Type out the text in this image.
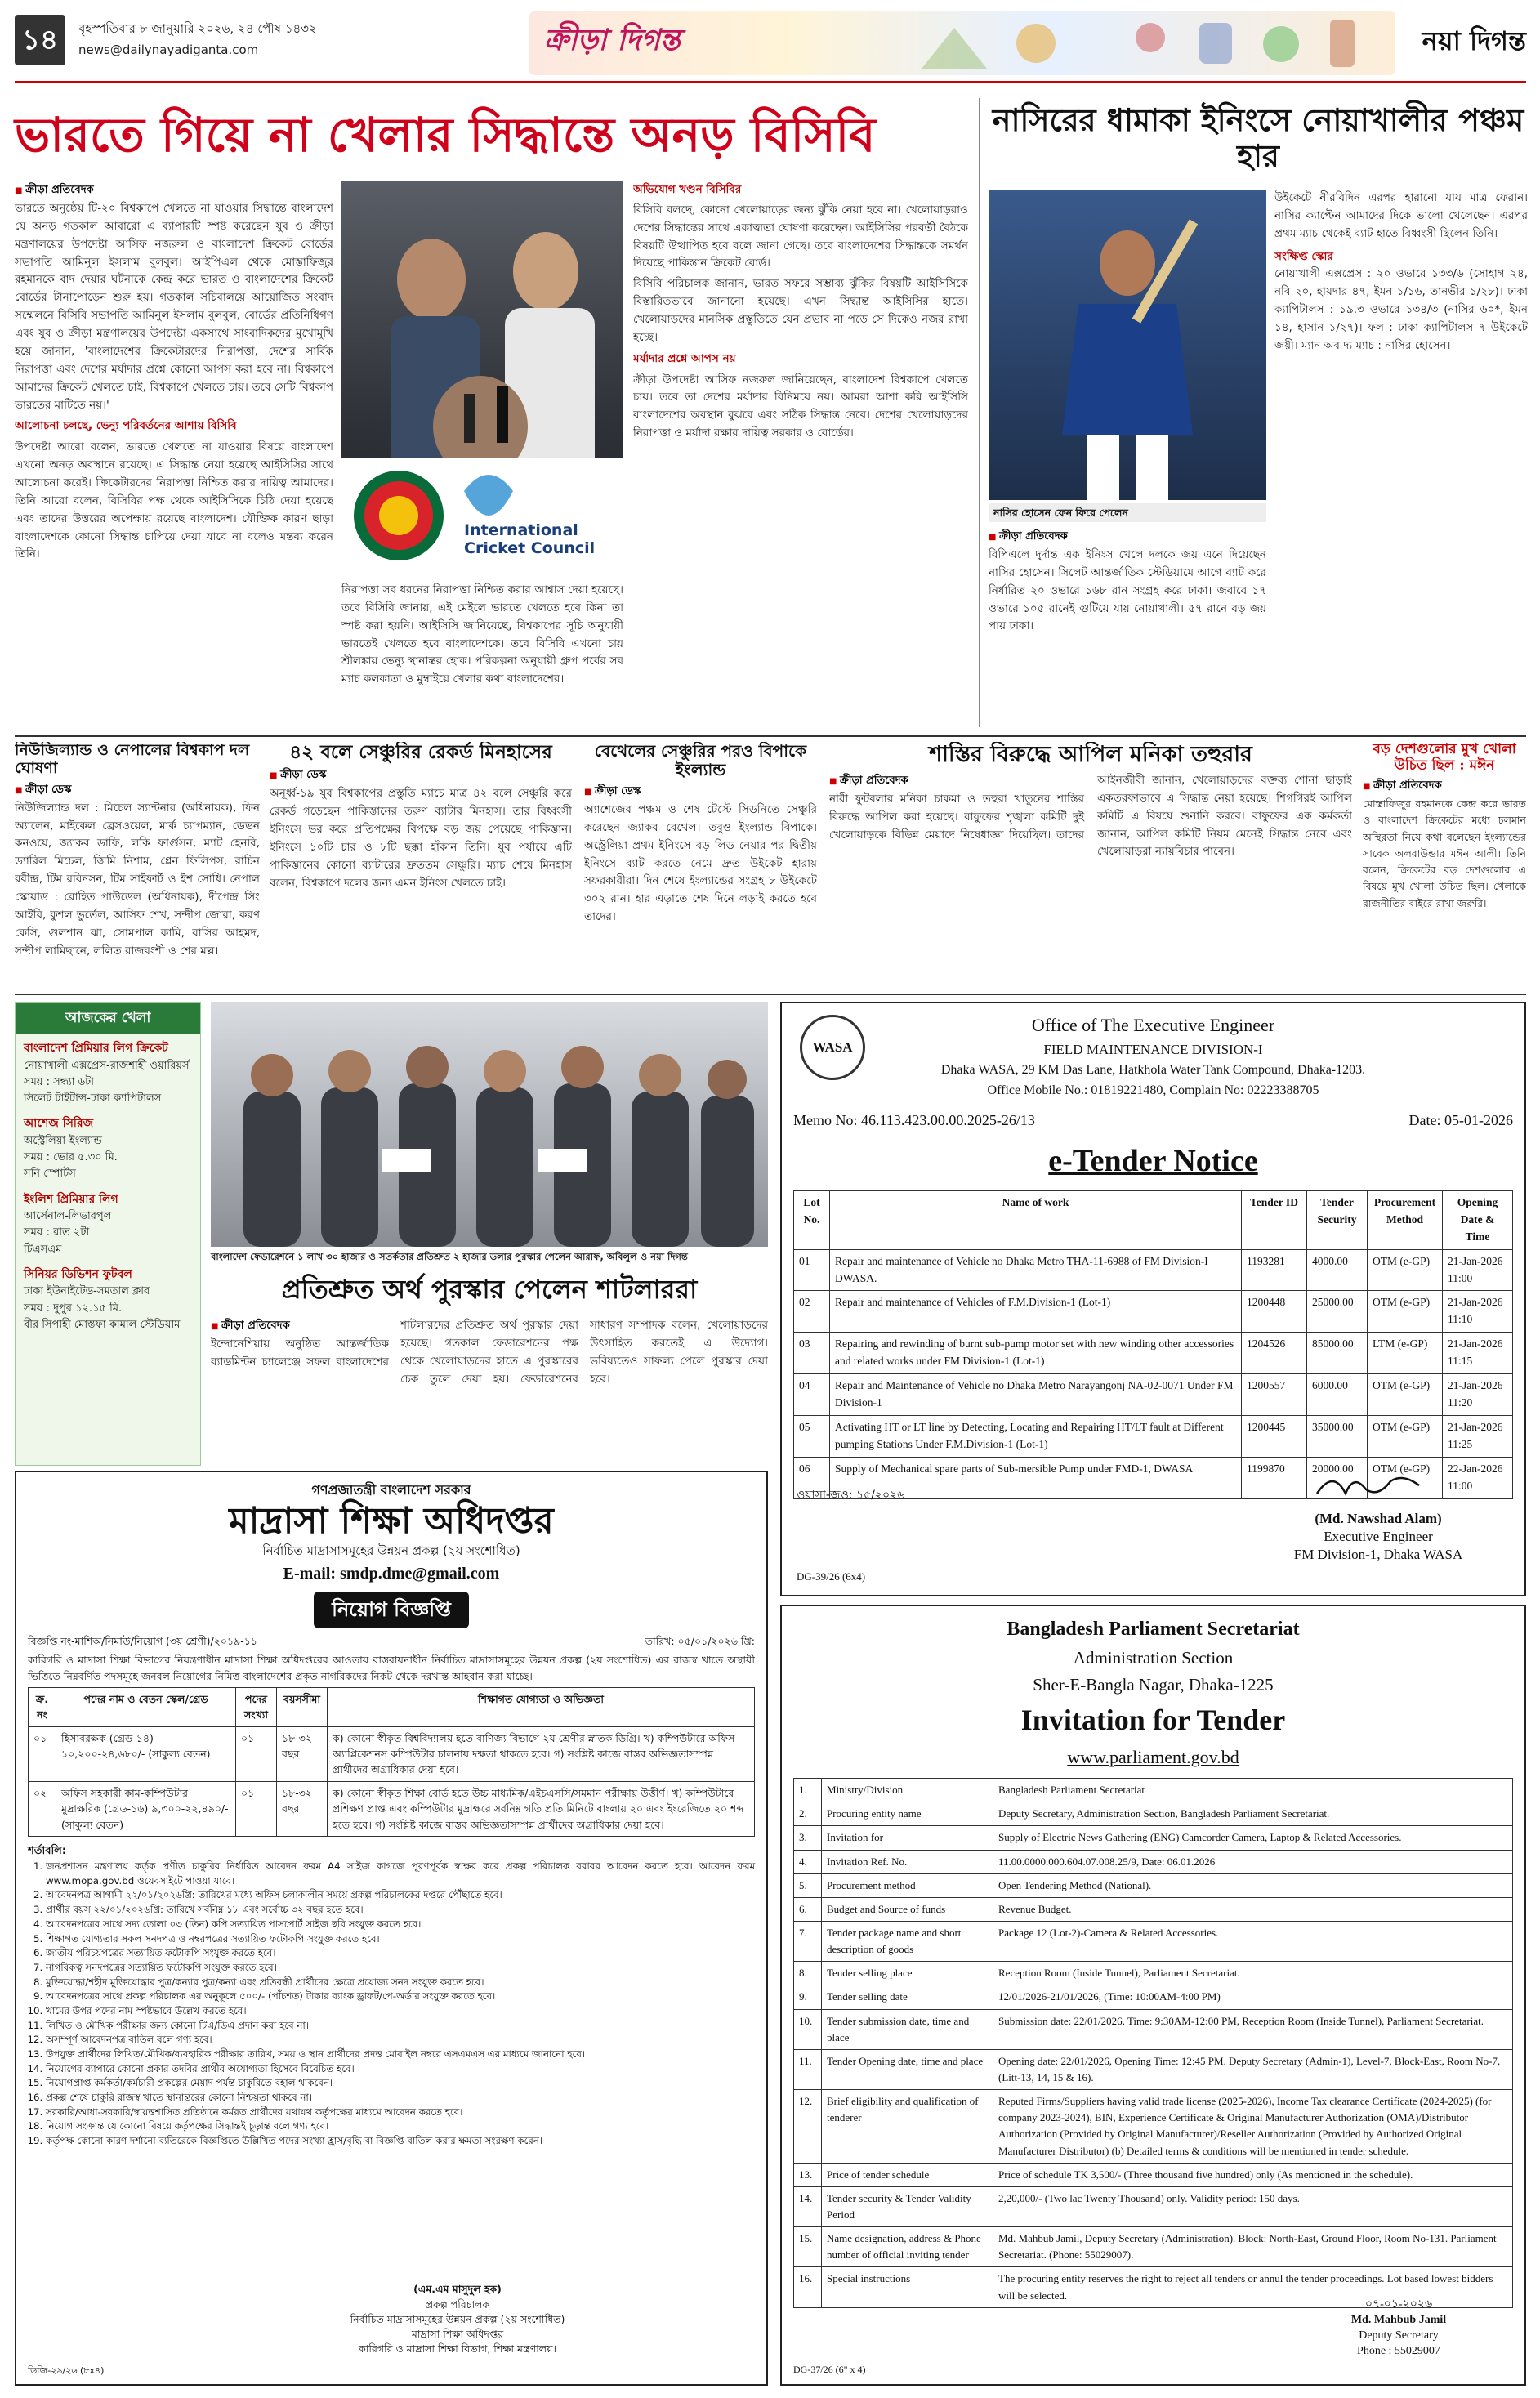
১৪	বৃহস্পতিবার ৮ জানুয়ারি ২০২৬, ২৪ পৌষ ১৪৩২
news@dailynayadiganta.com	ক্রীড়া দিগন্ত	নয়া দিগন্ত
ভারতে গিয়ে না খেলার সিদ্ধান্তে অনড় বিসিবি
■ ক্রীড়া প্রতিবেদক

ভারতে অনুষ্ঠেয় টি-২০ বিশ্বকাপে খেলতে না যাওয়ার সিদ্ধান্তে বাংলাদেশ যে অনড় গতকাল আবারো এ ব্যাপারটি স্পষ্ট করেছেন যুব ও ক্রীড়া মন্ত্রণালয়ের উপদেষ্টা আসিফ নজরুল ও বাংলাদেশ ক্রিকেট বোর্ডের সভাপতি আমিনুল ইসলাম বুলবুল। আইপিএল থেকে মোস্তাফিজুর রহমানকে বাদ দেয়ার ঘটনাকে কেন্দ্র করে ভারত ও বাংলাদেশের ক্রিকেট বোর্ডের টানাপোড়েন শুরু হয়। গতকাল সচিবালয়ে আয়োজিত সংবাদ সম্মেলনে বিসিবি সভাপতি আমিনুল ইসলাম বুলবুল, বোর্ডের প্রতিনিধিগণ এবং যুব ও ক্রীড়া মন্ত্রণালয়ের উপদেষ্টা একসাথে সাংবাদিকদের মুখোমুখি হয়ে জানান, 'বাংলাদেশের ক্রিকেটারদের নিরাপত্তা, দেশের সার্বিক নিরাপত্তা এবং দেশের মর্যাদার প্রশ্নে কোনো আপস করা হবে না। বিশ্বকাপে আমাদের ক্রিকেট খেলতে চাই, বিশ্বকাপে খেলতে চায়। তবে সেটি বিশ্বকাপ ভারতের মাটিতে নয়।'

আলোচনা চলছে, ভেন্যু পরিবর্তনের আশায় বিসিবি

উপদেষ্টা আরো বলেন, ভারতে খেলতে না যাওয়ার বিষয়ে বাংলাদেশ এখনো অনড় অবস্থানে রয়েছে। এ সিদ্ধান্ত নেয়া হয়েছে আইসিসির সাথে আলোচনা করেই। ক্রিকেটারদের নিরাপত্তা নিশ্চিত করার দায়িত্ব আমাদের। তিনি আরো বলেন, বিসিবির পক্ষ থেকে আইসিসিকে চিঠি দেয়া হয়েছে এবং তাদের উত্তরের অপেক্ষায় রয়েছে বাংলাদেশ। যৌক্তিক কারণ ছাড়া বাংলাদেশকে কোনো সিদ্ধান্ত চাপিয়ে দেয়া যাবে না বলেও মন্তব্য করেন তিনি।

International Cricket Council

নিরাপত্তা সব ধরনের নিরাপত্তা নিশ্চিত করার আশ্বাস দেয়া হয়েছে। তবে বিসিবি জানায়, এই মেইলে ভারতে খেলতে হবে কিনা তা স্পষ্ট করা হয়নি। আইসিসি জানিয়েছে, বিশ্বকাপের সূচি অনুযায়ী ভারতেই খেলতে হবে বাংলাদেশকে। তবে বিসিবি এখনো চায় শ্রীলঙ্কায় ভেন্যু স্থানান্তর হোক। পরিকল্পনা অনুযায়ী গ্রুপ পর্বের সব ম্যাচ কলকাতা ও মুম্বাইয়ে খেলার কথা বাংলাদেশের।

অভিযোগ খণ্ডন বিসিবির

বিসিবি বলছে, কোনো খেলোয়াড়ের জন্য ঝুঁকি নেয়া হবে না। খেলোয়াড়রাও দেশের সিদ্ধান্তের সাথে একাত্মতা ঘোষণা করেছেন। আইসিসির পরবর্তী বৈঠকে বিষয়টি উত্থাপিত হবে বলে জানা গেছে। তবে বাংলাদেশের সিদ্ধান্তকে সমর্থন দিয়েছে পাকিস্তান ক্রিকেট বোর্ড।

বিসিবি পরিচালক জানান, ভারত সফরে সম্ভাব্য ঝুঁকির বিষয়টি আইসিসিকে বিস্তারিতভাবে জানানো হয়েছে। এখন সিদ্ধান্ত আইসিসির হাতে। খেলোয়াড়দের মানসিক প্রস্তুতিতে যেন প্রভাব না পড়ে সে দিকেও নজর রাখা হচ্ছে।

মর্যাদার প্রশ্নে আপস নয়

ক্রীড়া উপদেষ্টা আসিফ নজরুল জানিয়েছেন, বাংলাদেশ বিশ্বকাপে খেলতে চায়। তবে তা দেশের মর্যাদার বিনিময়ে নয়। আমরা আশা করি আইসিসি বাংলাদেশের অবস্থান বুঝবে এবং সঠিক সিদ্ধান্ত নেবে। দেশের খেলোয়াড়দের নিরাপত্তা ও মর্যাদা রক্ষার দায়িত্ব সরকার ও বোর্ডের।

নাসিরের ধামাকা ইনিংসে নোয়াখালীর পঞ্চম হার
নাসির হোসেন ফেন ফিরে পেলেন
■ ক্রীড়া প্রতিবেদক

বিপিএলে দুর্দান্ত এক ইনিংস খেলে দলকে জয় এনে দিয়েছেন নাসির হোসেন। সিলেট আন্তর্জাতিক স্টেডিয়ামে আগে ব্যাট করে নির্ধারিত ২০ ওভারে ১৬৮ রান সংগ্রহ করে ঢাকা। জবাবে ১৭ ওভারে ১০৫ রানেই গুটিয়ে যায় নোয়াখালী। ৫৭ রানে বড় জয় পায় ঢাকা।

উইকেটে নীরবিদিন এরপর হারানো যায় মাত্র ফেরান। নাসির ক্যাপ্টেন আমাদের দিকে ভালো খেলেছেন। এরপর প্রথম ম্যাচ থেকেই ব্যাট হাতে বিধ্বংসী ছিলেন তিনি।

সংক্ষিপ্ত স্কোর

নোয়াখালী এক্সপ্রেস : ২০ ওভারে ১৩৩/৬ (সোহাগ ২৪, নবি ২০, হায়দার ৪৭, ইমন ১/১৬, তানভীর ১/২৮)। ঢাকা ক্যাপিটালস : ১৯.৩ ওভারে ১৩৪/৩ (নাসির ৬০*, ইমন ১৪, হাসান ১/২৭)। ফল : ঢাকা ক্যাপিটালস ৭ উইকেটে জয়ী। ম্যান অব দ্য ম্যাচ : নাসির হোসেন।

নিউজিল্যান্ড ও নেপালের বিশ্বকাপ দল ঘোষণা
■ ক্রীড়া ডেস্ক

নিউজিল্যান্ড দল : মিচেল স্যান্টনার (অধিনায়ক), ফিন অ্যালেন, মাইকেল ব্রেসওয়েল, মার্ক চ্যাপম্যান, ডেভন কনওয়ে, জ্যাকব ডাফি, লকি ফার্গুসন, ম্যাট হেনরি, ড্যারিল মিচেল, জিমি নিশাম, গ্লেন ফিলিপস, রাচিন রবীন্দ্র, টিম রবিনসন, টিম সাইফার্ট ও ইশ সোধি। নেপাল স্কোয়াড : রোহিত পাউডেল (অধিনায়ক), দীপেন্দ্র সিং আইরি, কুশল ভুর্তেল, আসিফ শেখ, সন্দীপ জোরা, করণ কেসি, গুলশান ঝা, সোমপাল কামি, বাসির আহমদ, সন্দীপ লামিছানে, ললিত রাজবংশী ও শের মল্ল।

৪২ বলে সেঞ্চুরির রেকর্ড মিনহাসের
■ ক্রীড়া ডেস্ক

অনূর্ধ্ব-১৯ যুব বিশ্বকাপের প্রস্তুতি ম্যাচে মাত্র ৪২ বলে সেঞ্চুরি করে রেকর্ড গড়েছেন পাকিস্তানের তরুণ ব্যাটার মিনহাস। তার বিধ্বংসী ইনিংসে ভর করে প্রতিপক্ষের বিপক্ষে বড় জয় পেয়েছে পাকিস্তান। ইনিংসে ১০টি চার ও ৮টি ছক্কা হাঁকান তিনি। যুব পর্যায়ে এটি পাকিস্তানের কোনো ব্যাটারের দ্রুততম সেঞ্চুরি। ম্যাচ শেষে মিনহাস বলেন, বিশ্বকাপে দলের জন্য এমন ইনিংস খেলতে চাই।

বেথেলের সেঞ্চুরির পরও বিপাকে ইংল্যান্ড
■ ক্রীড়া ডেস্ক

অ্যাশেজের পঞ্চম ও শেষ টেস্টে সিডনিতে সেঞ্চুরি করেছেন জ্যাকব বেথেল। তবুও ইংল্যান্ড বিপাকে। অস্ট্রেলিয়া প্রথম ইনিংসে বড় লিড নেয়ার পর দ্বিতীয় ইনিংসে ব্যাট করতে নেমে দ্রুত উইকেট হারায় সফরকারীরা। দিন শেষে ইংল্যান্ডের সংগ্রহ ৮ উইকেটে ৩০২ রান। হার এড়াতে শেষ দিনে লড়াই করতে হবে তাদের।

শাস্তির বিরুদ্ধে আপিল মনিকা তহুরার
■ ক্রীড়া প্রতিবেদক

নারী ফুটবলার মনিকা চাকমা ও তহুরা খাতুনের শাস্তির বিরুদ্ধে আপিল করা হয়েছে। বাফুফের শৃঙ্খলা কমিটি দুই খেলোয়াড়কে বিভিন্ন মেয়াদে নিষেধাজ্ঞা দিয়েছিল। তাদের আইনজীবী জানান, খেলোয়াড়দের বক্তব্য শোনা ছাড়াই একতরফাভাবে এ সিদ্ধান্ত নেয়া হয়েছে। শিগগিরই আপিল কমিটি এ বিষয়ে শুনানি করবে। বাফুফের এক কর্মকর্তা জানান, আপিল কমিটি নিয়ম মেনেই সিদ্ধান্ত নেবে এবং খেলোয়াড়রা ন্যায়বিচার পাবেন।

বড় দেশগুলোর মুখ খোলা উচিত ছিল : মঈন
■ ক্রীড়া প্রতিবেদক

মোস্তাফিজুর রহমানকে কেন্দ্র করে ভারত ও বাংলাদেশ ক্রিকেটের মধ্যে চলমান অস্থিরতা নিয়ে কথা বলেছেন ইংল্যান্ডের সাবেক অলরাউন্ডার মঈন আলী। তিনি বলেন, ক্রিকেটের বড় দেশগুলোর এ বিষয়ে মুখ খোলা উচিত ছিল। খেলাকে রাজনীতির বাইরে রাখা জরুরি।

আজকের খেলা
বাংলাদেশ প্রিমিয়ার লিগ ক্রিকেট
নোয়াখালী এক্সপ্রেস-রাজশাহী ওয়ারিয়র্স
সময় : সন্ধ্যা ৬টা
সিলেট টাইটান্স-ঢাকা ক্যাপিটালস
আশেজ সিরিজ
অস্ট্রেলিয়া-ইংল্যান্ড
সময় : ভোর ৫.৩০ মি.
সনি স্পোর্টস
ইংলিশ প্রিমিয়ার লিগ
আর্সেনাল-লিভারপুল
সময় : রাত ২টা
টিএসএম
সিনিয়র ডিভিশন ফুটবল
ঢাকা ইউনাইটেড-সমতাল ক্লাব
সময় : দুপুর ১২.১৫ মি.
বীর সিপাহী মোস্তফা কামাল স্টেডিয়াম
বাংলাদেশ ফেডারেশনে ১ লাখ ৩০ হাজার ও সতর্কতার প্রতিশ্রুত ২ হাজার ডলার পুরস্কার পেলেন আরাফ, অবিলুল ও নয়া দিগন্ত
প্রতিশ্রুত অর্থ পুরস্কার পেলেন শাটলাররা
■ ক্রীড়া প্রতিবেদক

ইন্দোনেশিয়ায় অনুষ্ঠিত আন্তর্জাতিক ব্যাডমিন্টন চ্যালেঞ্জে সফল বাংলাদেশের শাটলারদের প্রতিশ্রুত অর্থ পুরস্কার দেয়া হয়েছে। গতকাল ফেডারেশনের পক্ষ থেকে খেলোয়াড়দের হাতে এ পুরস্কারের চেক তুলে দেয়া হয়। ফেডারেশনের সাধারণ সম্পাদক বলেন, খেলোয়াড়দের উৎসাহিত করতেই এ উদ্যোগ। ভবিষ্যতেও সাফল্য পেলে পুরস্কার দেয়া হবে।

WASA
Office of The Executive Engineer
FIELD MAINTENANCE DIVISION-I
Dhaka WASA, 29 KM Das Lane, Hatkhola Water Tank Compound, Dhaka-1203.
Office Mobile No.: 01819221480, Complain No: 02223388705
Memo No: 46.113.423.00.00.2025-26/13	Date: 05-01-2026
e-Tender Notice
Lot No.	Name of work	Tender ID	Tender Security	Procurement Method	Opening Date & Time
01	Repair and maintenance of Vehicle no Dhaka Metro THA-11-6988 of FM Division-I DWASA.	1193281	4000.00	OTM (e-GP)	21-Jan-2026 11:00
02	Repair and maintenance of Vehicles of F.M.Division-1 (Lot-1)	1200448	25000.00	OTM (e-GP)	21-Jan-2026 11:10
03	Repairing and rewinding of burnt sub-pump motor set with new winding other accessories and related works under FM Division-1 (Lot-1)	1204526	85000.00	LTM (e-GP)	21-Jan-2026 11:15
04	Repair and Maintenance of Vehicle no Dhaka Metro Narayangonj NA-02-0071 Under FM Division-1	1200557	6000.00	OTM (e-GP)	21-Jan-2026 11:20
05	Activating HT or LT line by Detecting, Locating and Repairing HT/LT fault at Different pumping Stations Under F.M.Division-1 (Lot-1)	1200445	35000.00	OTM (e-GP)	21-Jan-2026 11:25
06	Supply of Mechanical spare parts of Sub-mersible Pump under FMD-1, DWASA	1199870	20000.00	OTM (e-GP)	22-Jan-2026 11:00
ওয়াসা-জও: ১৫/২০২৬
(Md. Nawshad Alam)
Executive Engineer
FM Division-1, Dhaka WASA
DG-39/26 (6x4)
গণপ্রজাতন্ত্রী বাংলাদেশ সরকার
মাদ্রাসা শিক্ষা অধিদপ্তর
নির্বাচিত মাদ্রাসাসমূহের উন্নয়ন প্রকল্প (২য় সংশোধিত)
E-mail: smdp.dme@gmail.com
নিয়োগ বিজ্ঞপ্তি
বিজ্ঞপ্তি নং-মাশিঅ/নিমাউ/নিয়োগ (৩য় শ্রেণী)/২০১৯-১১	তারিখ: ০৫/০১/২০২৬ খ্রি:
কারিগরি ও মাদ্রাসা শিক্ষা বিভাগের নিয়ন্ত্রণাধীন মাদ্রাসা শিক্ষা অধিদপ্তরের আওতায় বাস্তবায়নাধীন নির্বাচিত মাদ্রাসাসমূহের উন্নয়ন প্রকল্প (২য় সংশোধিত) এর রাজস্ব খাতে অস্থায়ী ভিত্তিতে নিম্নবর্ণিত পদসমূহে জনবল নিয়োগের নিমিত্ত বাংলাদেশের প্রকৃত নাগরিকদের নিকট থেকে দরখাস্ত আহবান করা যাচ্ছে।
ক্র. নং	পদের নাম ও বেতন স্কেল/গ্রেড	পদের সংখ্যা	বয়সসীমা	শিক্ষাগত যোগ্যতা ও অভিজ্ঞতা
০১	হিসাবরক্ষক (গ্রেড-১৪) ১০,২০০-২৪,৬৮০/- (সাকুল্য বেতন)	০১	১৮-৩২ বছর	ক) কোনো স্বীকৃত বিশ্ববিদ্যালয় হতে বাণিজ্য বিভাগে ২য় শ্রেণীর স্নাতক ডিগ্রি। খ) কম্পিউটারে অফিস অ্যাপ্লিকেশনস কম্পিউটার চালনায় দক্ষতা থাকতে হবে। গ) সংশ্লিষ্ট কাজে বাস্তব অভিজ্ঞতাসম্পন্ন প্রার্থীদের অগ্রাধিকার দেয়া হবে।
০২	অফিস সহকারী কাম-কম্পিউটার মুদ্রাক্ষরিক (গ্রেড-১৬) ৯,৩০০-২২,৪৯০/- (সাকুল্য বেতন)	০১	১৮-৩২ বছর	ক) কোনো স্বীকৃত শিক্ষা বোর্ড হতে উচ্চ মাধ্যমিক/এইচএসসি/সমমান পরীক্ষায় উত্তীর্ণ। খ) কম্পিউটারে প্রশিক্ষণ প্রাপ্ত এবং কম্পিউটার মুদ্রাক্ষরে সর্বনিম্ন গতি প্রতি মিনিটে বাংলায় ২০ এবং ইংরেজিতে ২০ শব্দ হতে হবে। গ) সংশ্লিষ্ট কাজে বাস্তব অভিজ্ঞতাসম্পন্ন প্রার্থীদের অগ্রাধিকার দেয়া হবে।
শর্তাবলি:
1. জনপ্রশাসন মন্ত্রণালয় কর্তৃক প্রণীত চাকুরির নির্ধারিত আবেদন ফরম A4 সাইজ কাগজে পূরণপূর্বক স্বাক্ষর করে প্রকল্প পরিচালক বরাবর আবেদন করতে হবে। আবেদন ফরম www.mopa.gov.bd ওয়েবসাইটে পাওয়া যাবে।
2. আবেদনপত্র আগামী ২২/০১/২০২৬খ্রি: তারিখের মধ্যে অফিস চলাকালীন সময়ে প্রকল্প পরিচালকের দপ্তরে পৌঁছাতে হবে।
3. প্রার্থীর বয়স ২২/০১/২০২৬খ্রি: তারিখে সর্বনিম্ন ১৮ এবং সর্বোচ্চ ৩২ বছর হতে হবে।
4. আবেদনপত্রের সাথে সদ্য তোলা ০৩ (তিন) কপি সত্যায়িত পাসপোর্ট সাইজ ছবি সংযুক্ত করতে হবে।
5. শিক্ষাগত যোগ্যতার সকল সনদপত্র ও নম্বরপত্রের সত্যায়িত ফটোকপি সংযুক্ত করতে হবে।
6. জাতীয় পরিচয়পত্রের সত্যায়িত ফটোকপি সংযুক্ত করতে হবে।
7. নাগরিকত্ব সনদপত্রের সত্যায়িত ফটোকপি সংযুক্ত করতে হবে।
8. মুক্তিযোদ্ধা/শহীদ মুক্তিযোদ্ধার পুত্র/কন্যার পুত্র/কন্যা এবং প্রতিবন্ধী প্রার্থীদের ক্ষেত্রে প্রযোজ্য সনদ সংযুক্ত করতে হবে।
9. আবেদনপত্রের সাথে প্রকল্প পরিচালক এর অনুকূলে ৫০০/- (পাঁচশত) টাকার ব্যাংক ড্রাফট/পে-অর্ডার সংযুক্ত করতে হবে।
10. খামের উপর পদের নাম স্পষ্টভাবে উল্লেখ করতে হবে।
11. লিখিত ও মৌখিক পরীক্ষার জন্য কোনো টিএ/ডিএ প্রদান করা হবে না।
12. অসম্পূর্ণ আবেদনপত্র বাতিল বলে গণ্য হবে।
13. উপযুক্ত প্রার্থীদের লিখিত/মৌখিক/ব্যবহারিক পরীক্ষার তারিখ, সময় ও স্থান প্রার্থীদের প্রদত্ত মোবাইল নম্বরে এসএমএস এর মাধ্যমে জানানো হবে।
14. নিয়োগের ব্যাপারে কোনো প্রকার তদবির প্রার্থীর অযোগ্যতা হিসেবে বিবেচিত হবে।
15. নিয়োগপ্রাপ্ত কর্মকর্তা/কর্মচারী প্রকল্পের মেয়াদ পর্যন্ত চাকুরিতে বহাল থাকবেন।
16. প্রকল্প শেষে চাকুরি রাজস্ব খাতে স্থানান্তরের কোনো নিশ্চয়তা থাকবে না।
17. সরকারি/আধা-সরকারি/স্বায়ত্তশাসিত প্রতিষ্ঠানে কর্মরত প্রার্থীদের যথাযথ কর্তৃপক্ষের মাধ্যমে আবেদন করতে হবে।
18. নিয়োগ সংক্রান্ত যে কোনো বিষয়ে কর্তৃপক্ষের সিদ্ধান্তই চূড়ান্ত বলে গণ্য হবে।
19. কর্তৃপক্ষ কোনো কারণ দর্শানো ব্যতিরেকে বিজ্ঞপ্তিতে উল্লিখিত পদের সংখ্যা হ্রাস/বৃদ্ধি বা বিজ্ঞপ্তি বাতিল করার ক্ষমতা সংরক্ষণ করেন।
(এম.এম মাসুদুল হক)
প্রকল্প পরিচালক
নির্বাচিত মাদ্রাসাসমূহের উন্নয়ন প্রকল্প (২য় সংশোধিত)
মাদ্রাসা শিক্ষা অধিদপ্তর
কারিগরি ও মাদ্রাসা শিক্ষা বিভাগ, শিক্ষা মন্ত্রণালয়।
ডিজি-২৯/২৬ (৮x৪)
Bangladesh Parliament Secretariat
Administration Section
Sher-E-Bangla Nagar, Dhaka-1225
Invitation for Tender
www.parliament.gov.bd
1.	Ministry/Division	Bangladesh Parliament Secretariat
2.	Procuring entity name	Deputy Secretary, Administration Section, Bangladesh Parliament Secretariat.
3.	Invitation for	Supply of Electric News Gathering (ENG) Camcorder Camera, Laptop & Related Accessories.
4.	Invitation Ref. No.	11.00.0000.000.604.07.008.25/9, Date: 06.01.2026
5.	Procurement method	Open Tendering Method (National).
6.	Budget and Source of funds	Revenue Budget.
7.	Tender package name and short description of goods	Package 12 (Lot-2)-Camera & Related Accessories.
8.	Tender selling place	Reception Room (Inside Tunnel), Parliament Secretariat.
9.	Tender selling date	12/01/2026-21/01/2026, (Time: 10:00AM-4:00 PM)
10.	Tender submission date, time and place	Submission date: 22/01/2026, Time: 9:30AM-12:00 PM, Reception Room (Inside Tunnel), Parliament Secretariat.
11.	Tender Opening date, time and place	Opening date: 22/01/2026, Opening Time: 12:45 PM. Deputy Secretary (Admin-1), Level-7, Block-East, Room No-7, (Litt-13, 14, 15 & 16).
12.	Brief eligibility and qualification of tenderer	Reputed Firms/Suppliers having valid trade license (2025-2026), Income Tax clearance Certificate (2024-2025) (for company 2023-2024), BIN, Experience Certificate & Original Manufacturer Authorization (OMA)/Distributor Authorization (Provided by Original Manufacturer)/Reseller Authorization (Provided by Authorized Original Manufacturer Distributor) (b) Detailed terms & conditions will be mentioned in tender schedule.
13.	Price of tender schedule	Price of schedule TK 3,500/- (Three thousand five hundred) only (As mentioned in the schedule).
14.	Tender security & Tender Validity Period	2,20,000/- (Two lac Twenty Thousand) only. Validity period: 150 days.
15.	Name designation, address & Phone number of official inviting tender	Md. Mahbub Jamil, Deputy Secretary (Administration). Block: North-East, Ground Floor, Room No-131. Parliament Secretariat. (Phone: 55029007).
16.	Special instructions	The procuring entity reserves the right to reject all tenders or annul the tender proceedings. Lot based lowest bidders will be selected.
০৭-০১-২০২৬
Md. Mahbub Jamil
Deputy Secretary
Phone : 55029007
DG-37/26 (6" x 4)
